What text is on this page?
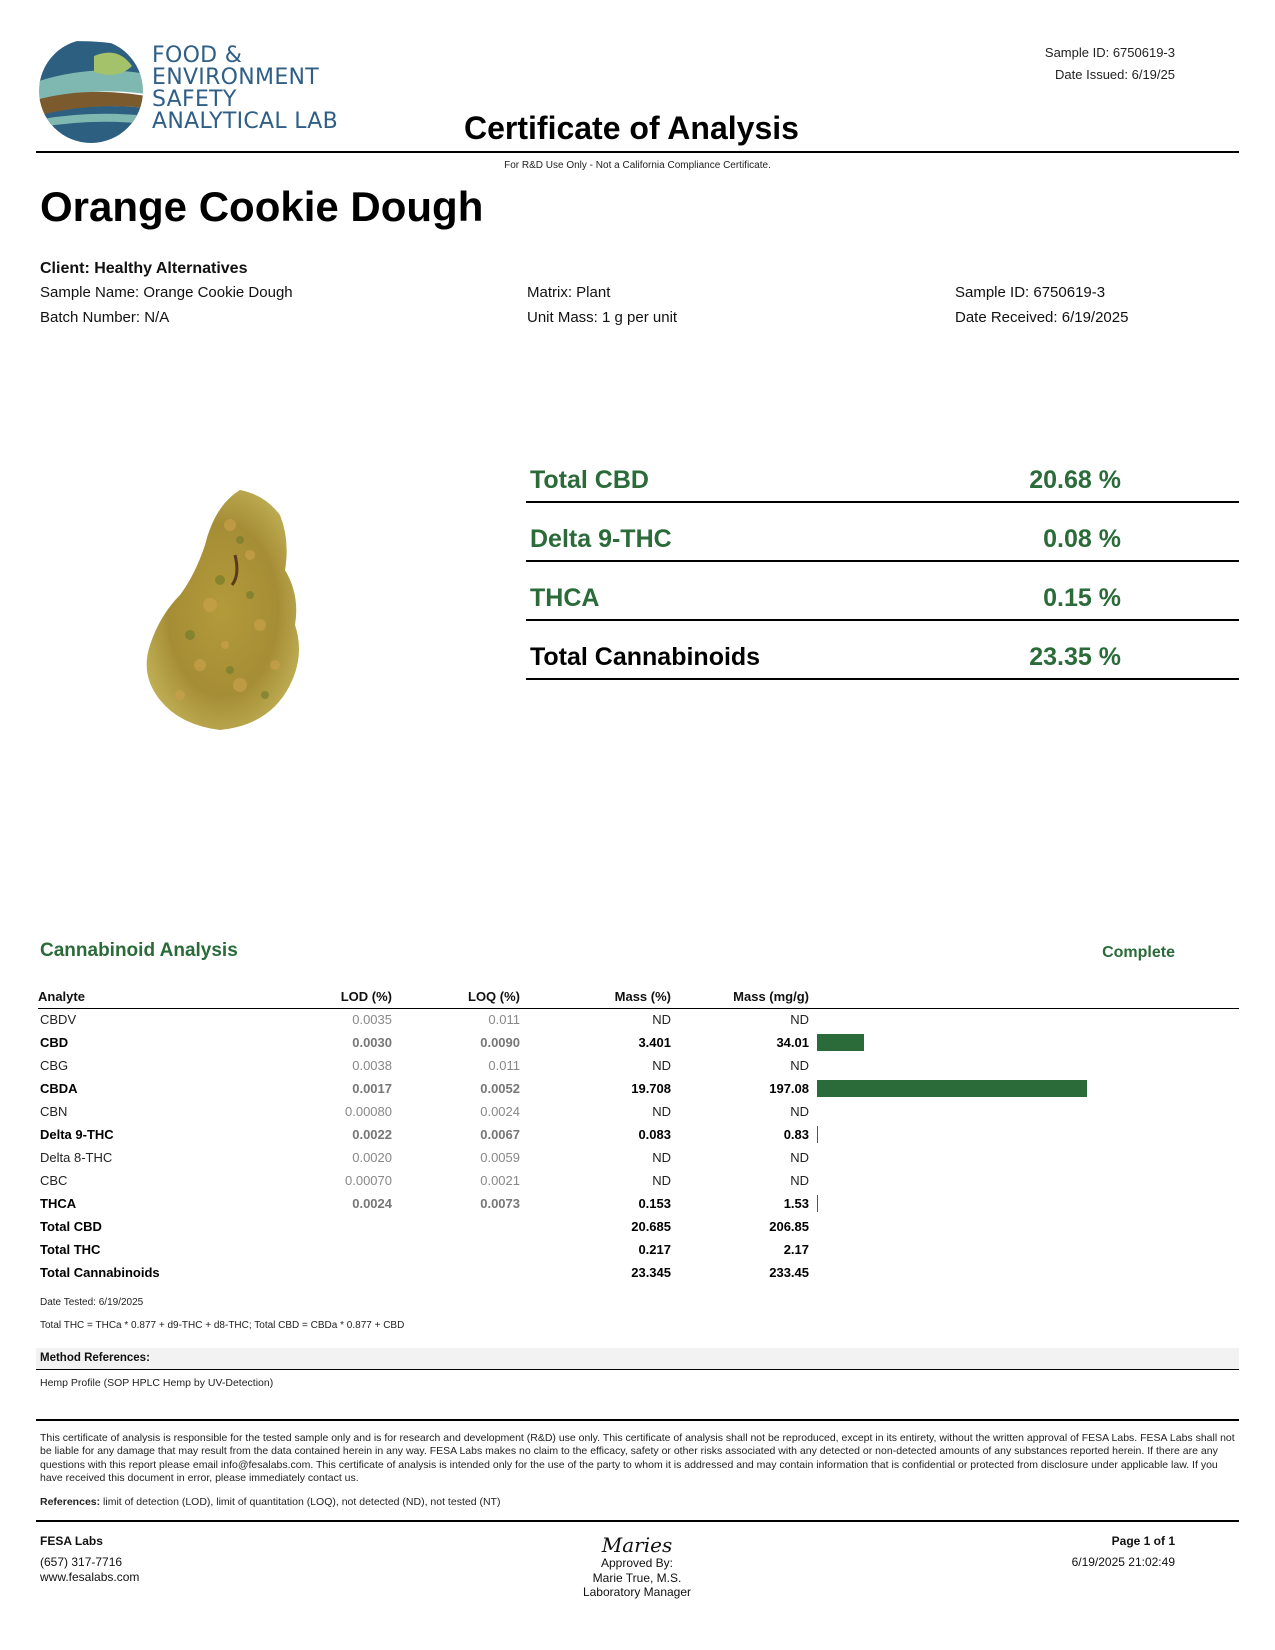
FOOD &
ENVIRONMENT
SAFETY
ANALYTICAL LAB
Sample ID: 6750619-3
Date Issued: 6/19/25
Certificate of Analysis
For R&D Use Only - Not a California Compliance Certificate.
Orange Cookie Dough
Client: Healthy Alternatives
Sample Name: Orange Cookie Dough
Batch Number: N/A
Matrix: Plant
Unit Mass: 1 g per unit
Sample ID: 6750619-3
Date Received: 6/19/2025
Total CBD	20.68 %
Delta 9-THC	0.08 %
THCA	0.15 %
Total Cannabinoids	23.35 %
Cannabinoid Analysis	Complete
Analyte	LOD (%)	LOQ (%)	Mass (%)	Mass (mg/g)	
CBDV	0.0035	0.011	ND	ND	
CBD	0.0030	0.0090	3.401	34.01	
CBG	0.0038	0.011	ND	ND	
CBDA	0.0017	0.0052	19.708	197.08	
CBN	0.00080	0.0024	ND	ND	
Delta 9-THC	0.0022	0.0067	0.083	0.83	
Delta 8-THC	0.0020	0.0059	ND	ND	
CBC	0.00070	0.0021	ND	ND	
THCA	0.0024	0.0073	0.153	1.53	
Total CBD			20.685	206.85	
Total THC			0.217	2.17	
Total Cannabinoids			23.345	233.45	
Date Tested: 6/19/2025
Total THC = THCa * 0.877 + d9-THC + d8-THC; Total CBD = CBDa * 0.877 + CBD
Method References:
Hemp Profile (SOP HPLC Hemp by UV-Detection)
This certificate of analysis is responsible for the tested sample only and is for research and development (R&D) use only. This certificate of analysis shall not be reproduced, except in its entirety, without the written approval of FESA Labs. FESA Labs shall not be liable for any damage that may result from the data contained herein in any way. FESA Labs makes no claim to the efficacy, safety or other risks associated with any detected or non-detected amounts of any substances reported herein. If there are any questions with this report please email info@fesalabs.com. This certificate of analysis is intended only for the use of the party to whom it is addressed and may contain information that is confidential or protected from disclosure under applicable law. If you have received this document in error, please immediately contact us.
References: limit of detection (LOD), limit of quantitation (LOQ), not detected (ND), not tested (NT)
FESA Labs
(657) 317-7716
www.fesalabs.com
Maries
Approved By:
Marie True, M.S.
Laboratory Manager
Page 1 of 1
6/19/2025 21:02:49
